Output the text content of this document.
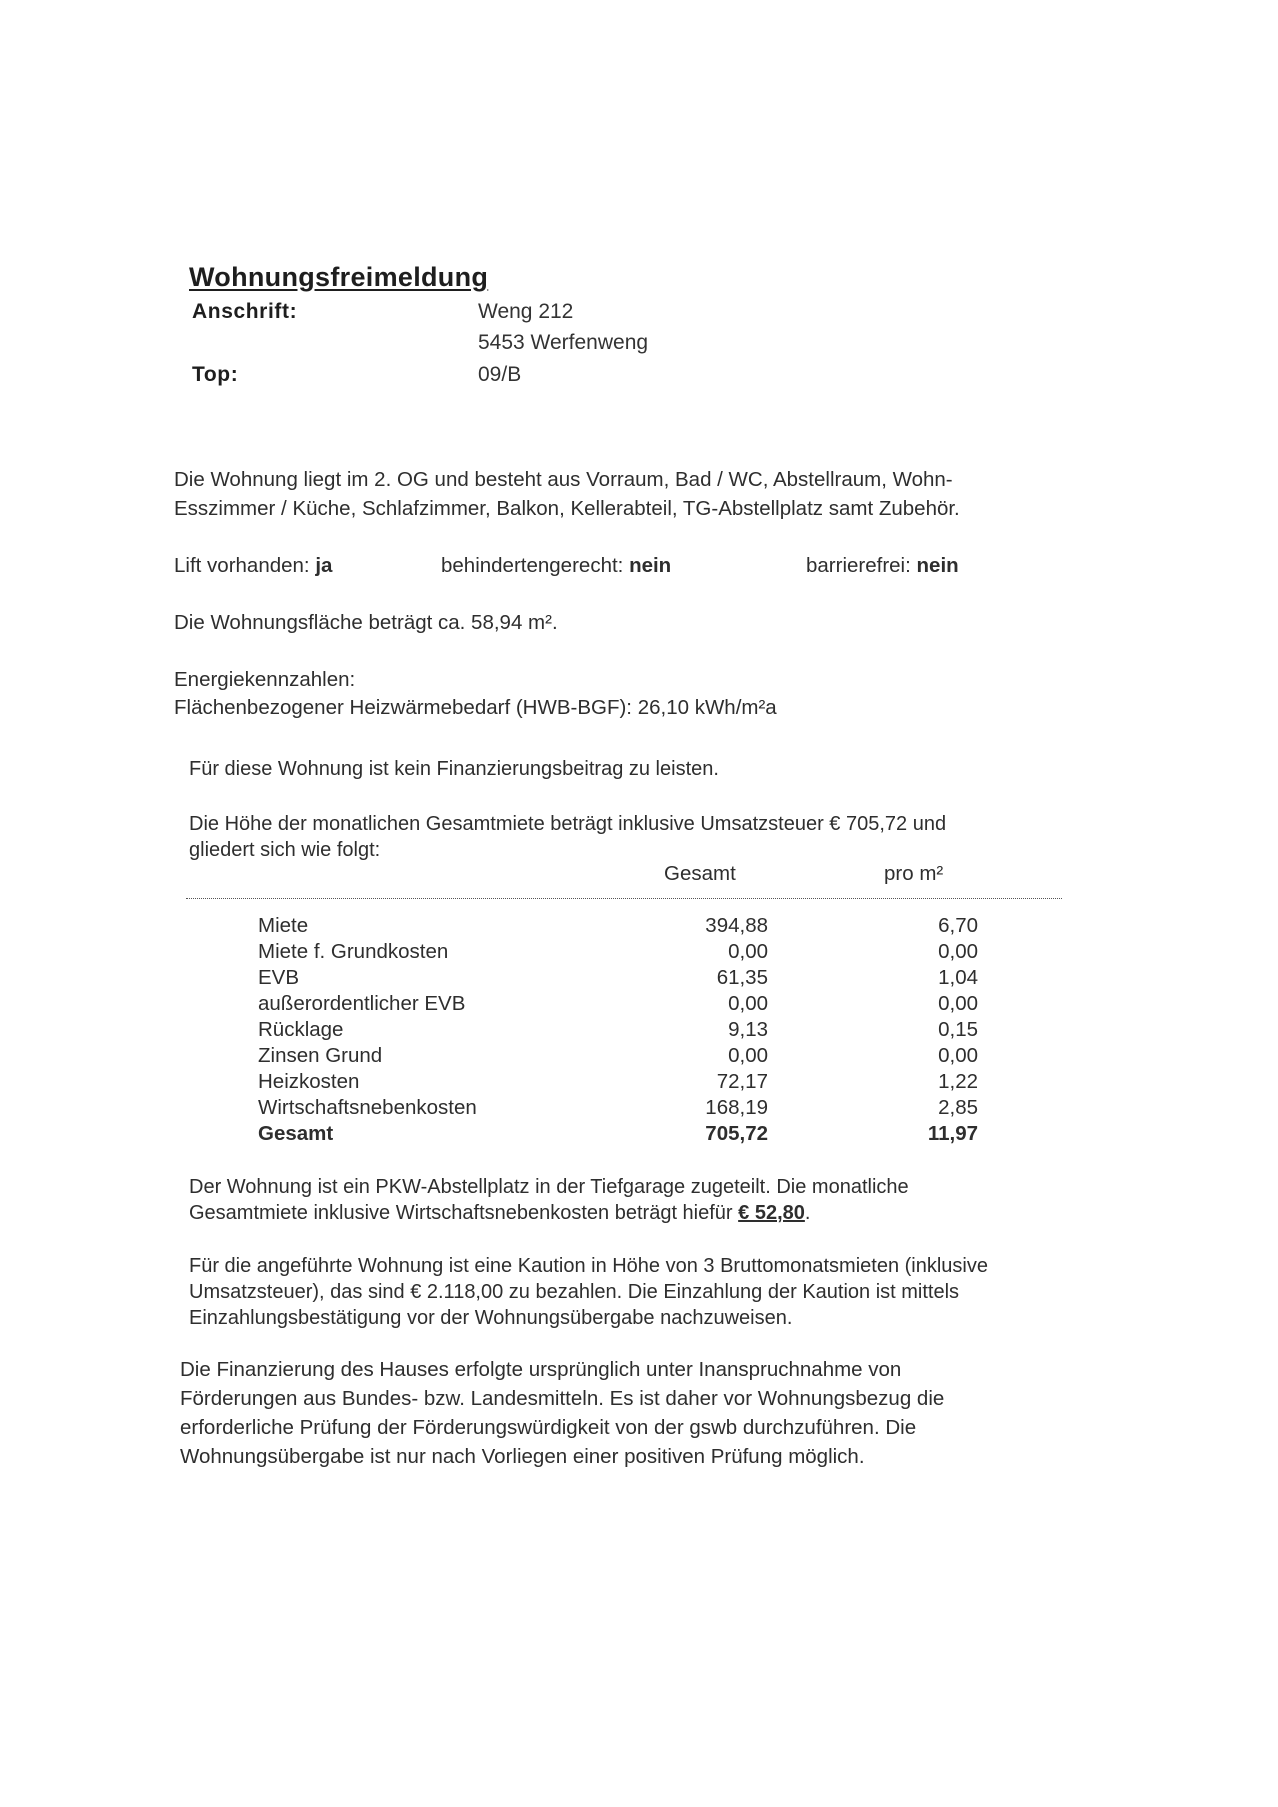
Wohnungsfreimeldung
Anschrift:	Weng 212
5453 Werfenweng
Top:	09/B
Die Wohnung liegt im 2. OG und besteht aus Vorraum, Bad / WC, Abstellraum, Wohn-
Esszimmer / Küche, Schlafzimmer, Balkon, Kellerabteil, TG-Abstellplatz samt Zubehör.
Lift vorhanden: ja	behindertengerecht: nein	barrierefrei: nein
Die Wohnungsfläche beträgt ca. 58,94 m².
Energiekennzahlen:
Flächenbezogener Heizwärmebedarf (HWB-BGF): 26,10 kWh/m²a
Für diese Wohnung ist kein Finanzierungsbeitrag zu leisten.
Die Höhe der monatlichen Gesamtmiete beträgt inklusive Umsatzsteuer € 705,72 und
gliedert sich wie folgt:
Gesamt	pro m²
Miete	394,88	6,70
Miete f. Grundkosten	0,00	0,00
EVB	61,35	1,04
außerordentlicher EVB	0,00	0,00
Rücklage	9,13	0,15
Zinsen Grund	0,00	0,00
Heizkosten	72,17	1,22
Wirtschaftsnebenkosten	168,19	2,85
Gesamt	705,72	11,97
Der Wohnung ist ein PKW-Abstellplatz in der Tiefgarage zugeteilt. Die monatliche
Gesamtmiete inklusive Wirtschaftsnebenkosten beträgt hiefür € 52,80.
Für die angeführte Wohnung ist eine Kaution in Höhe von 3 Bruttomonatsmieten (inklusive
Umsatzsteuer), das sind € 2.118,00 zu bezahlen. Die Einzahlung der Kaution ist mittels
Einzahlungsbestätigung vor der Wohnungsübergabe nachzuweisen.
Die Finanzierung des Hauses erfolgte ursprünglich unter Inanspruchnahme von
Förderungen aus Bundes- bzw. Landesmitteln. Es ist daher vor Wohnungsbezug die
erforderliche Prüfung der Förderungswürdigkeit von der gswb durchzuführen. Die
Wohnungsübergabe ist nur nach Vorliegen einer positiven Prüfung möglich.
